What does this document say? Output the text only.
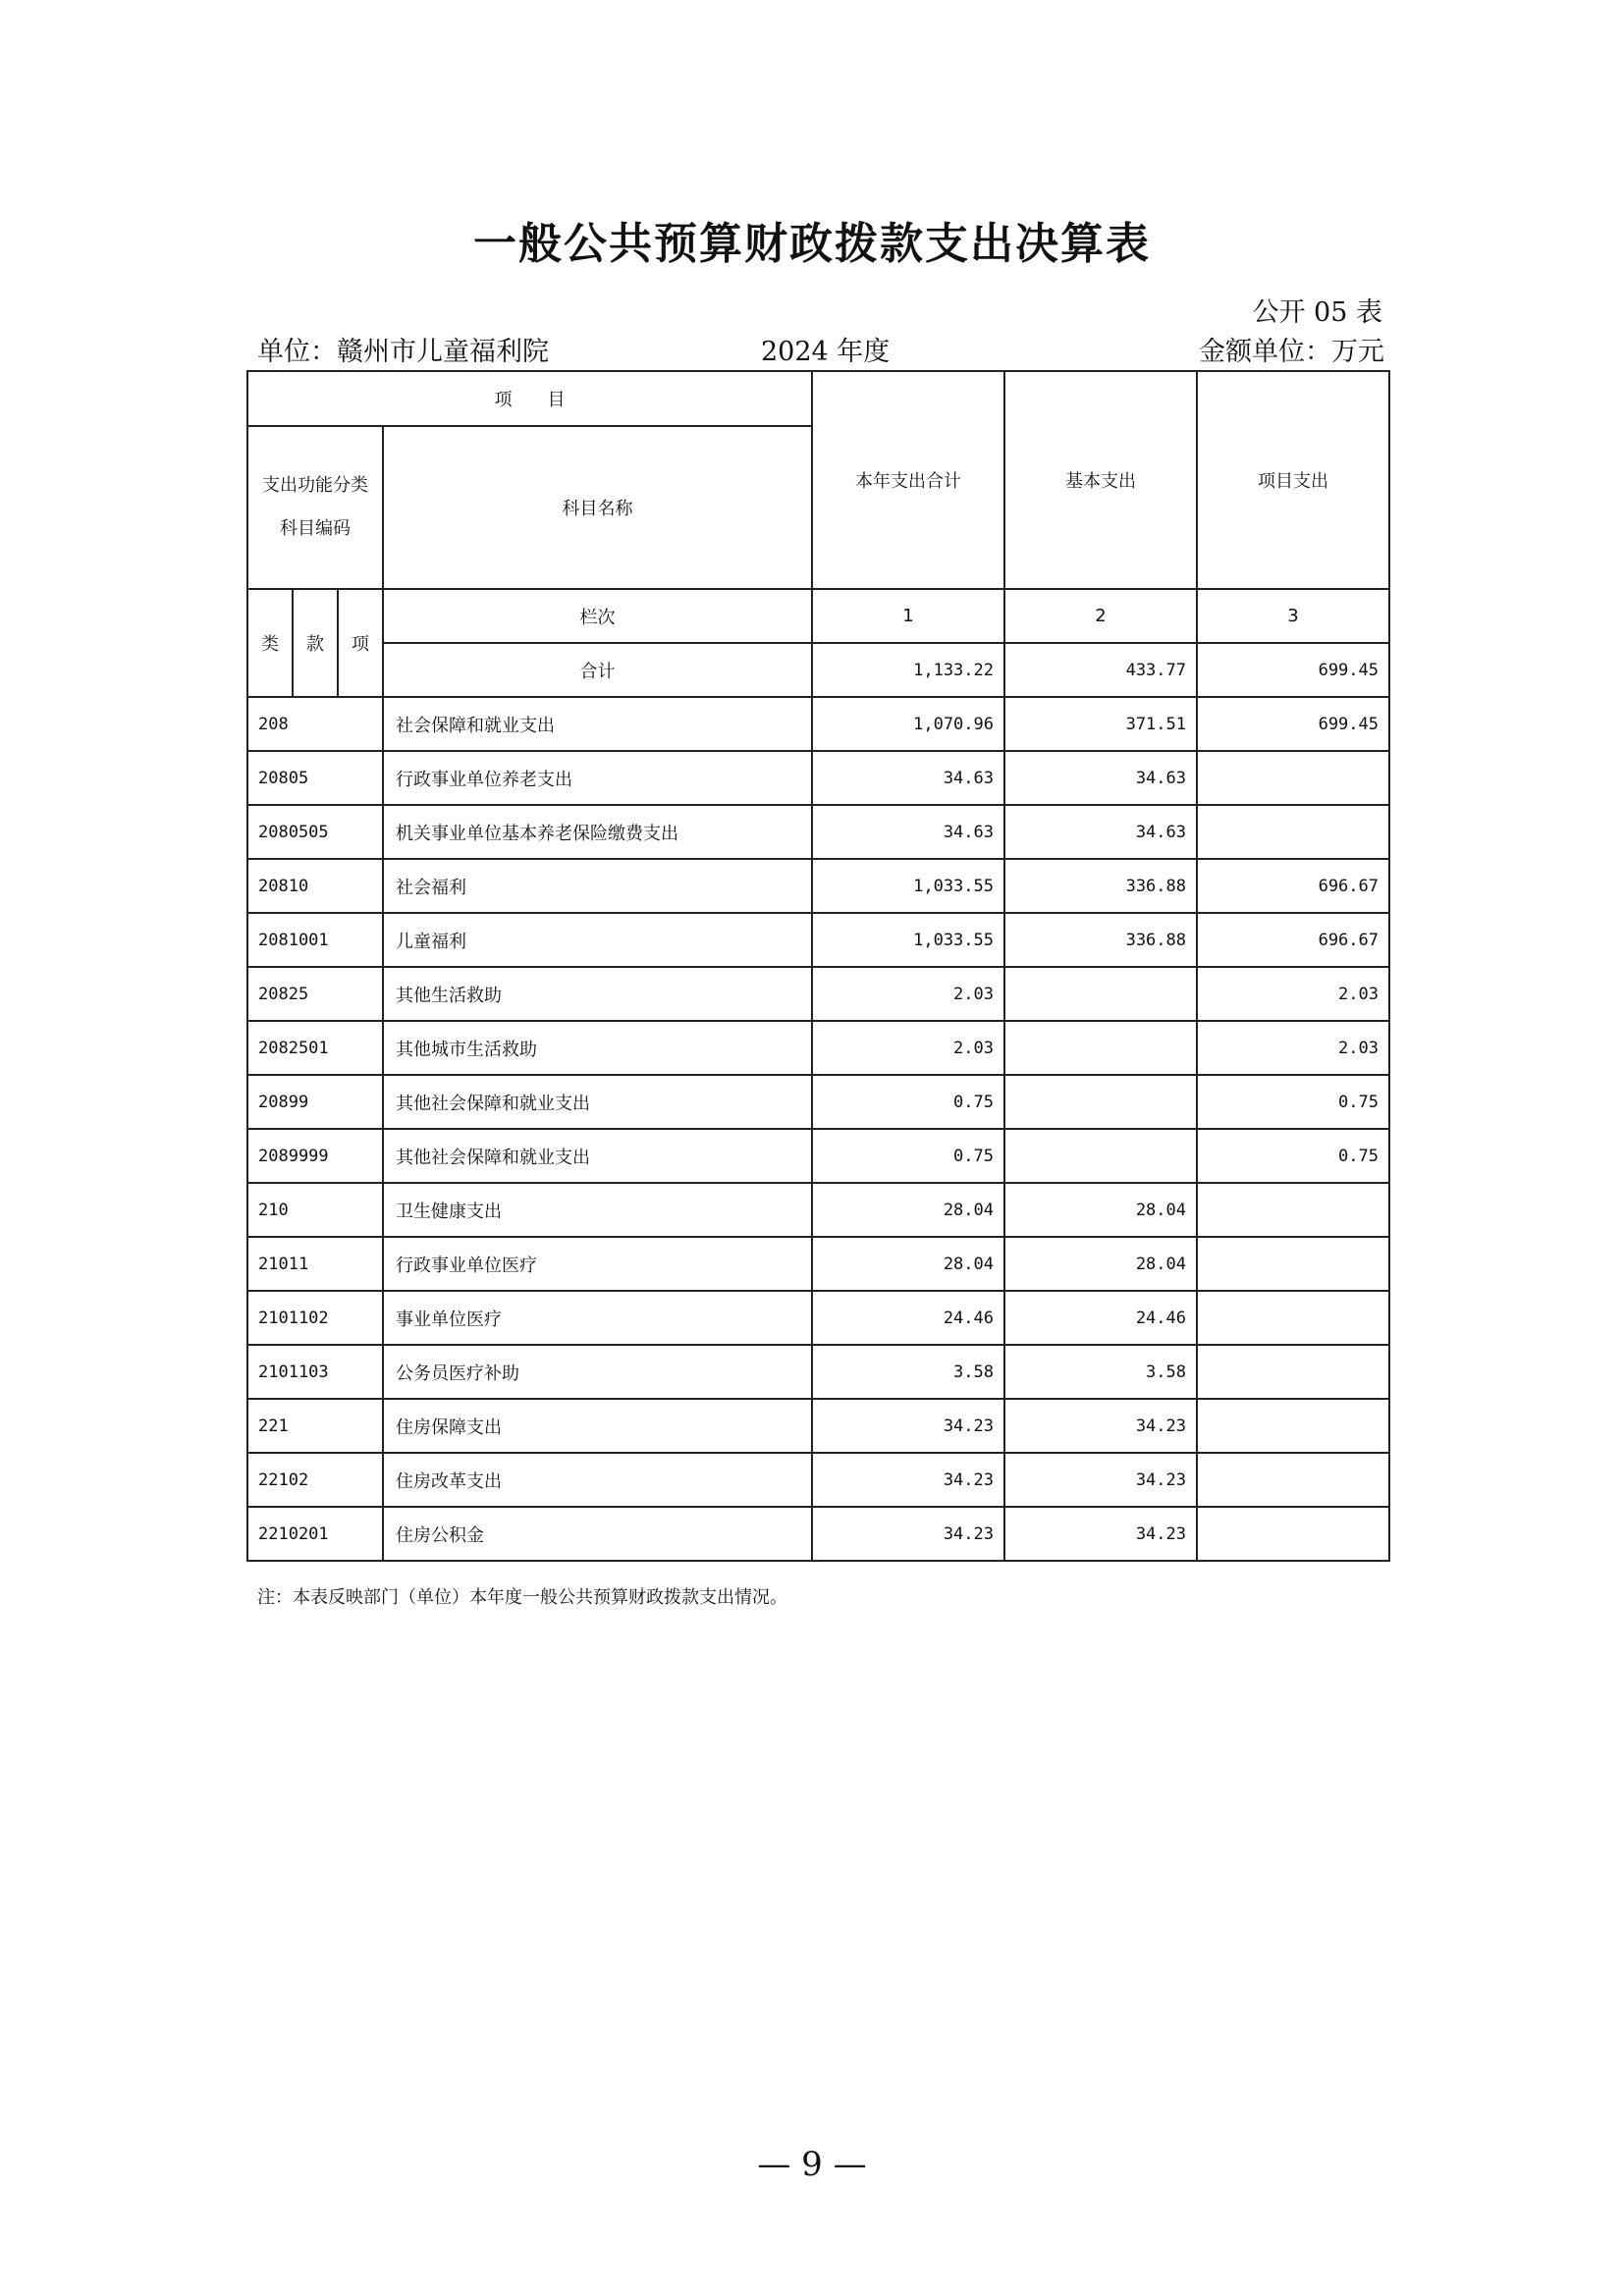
一般公共预算财政拨款支出决算表
公开 05 表
单位：赣州市儿童福利院	2024 年度	金额单位：万元
项　　目				本年支出合计	基本支出	项目支出

支出功能分类
科目编码			科目名称			
类	款	项	栏次	1	2	3
			合计	1,133.22	433.77	699.45
208			社会保障和就业支出	1,070.96	371.51	699.45
20805			行政事业单位养老支出	34.63	34.63	
2080505			机关事业单位基本养老保险缴费支出	34.63	34.63	
20810			社会福利	1,033.55	336.88	696.67
2081001			儿童福利	1,033.55	336.88	696.67
20825			其他生活救助	2.03		2.03
2082501			其他城市生活救助	2.03		2.03
20899			其他社会保障和就业支出	0.75		0.75
2089999			其他社会保障和就业支出	0.75		0.75
210			卫生健康支出	28.04	28.04	
21011			行政事业单位医疗	28.04	28.04	
2101102			事业单位医疗	24.46	24.46	
2101103			公务员医疗补助	3.58	3.58	
221			住房保障支出	34.23	34.23	
22102			住房改革支出	34.23	34.23	
2210201			住房公积金	34.23	34.23	
注：本表反映部门（单位）本年度一般公共预算财政拨款支出情况。
— 9 —
